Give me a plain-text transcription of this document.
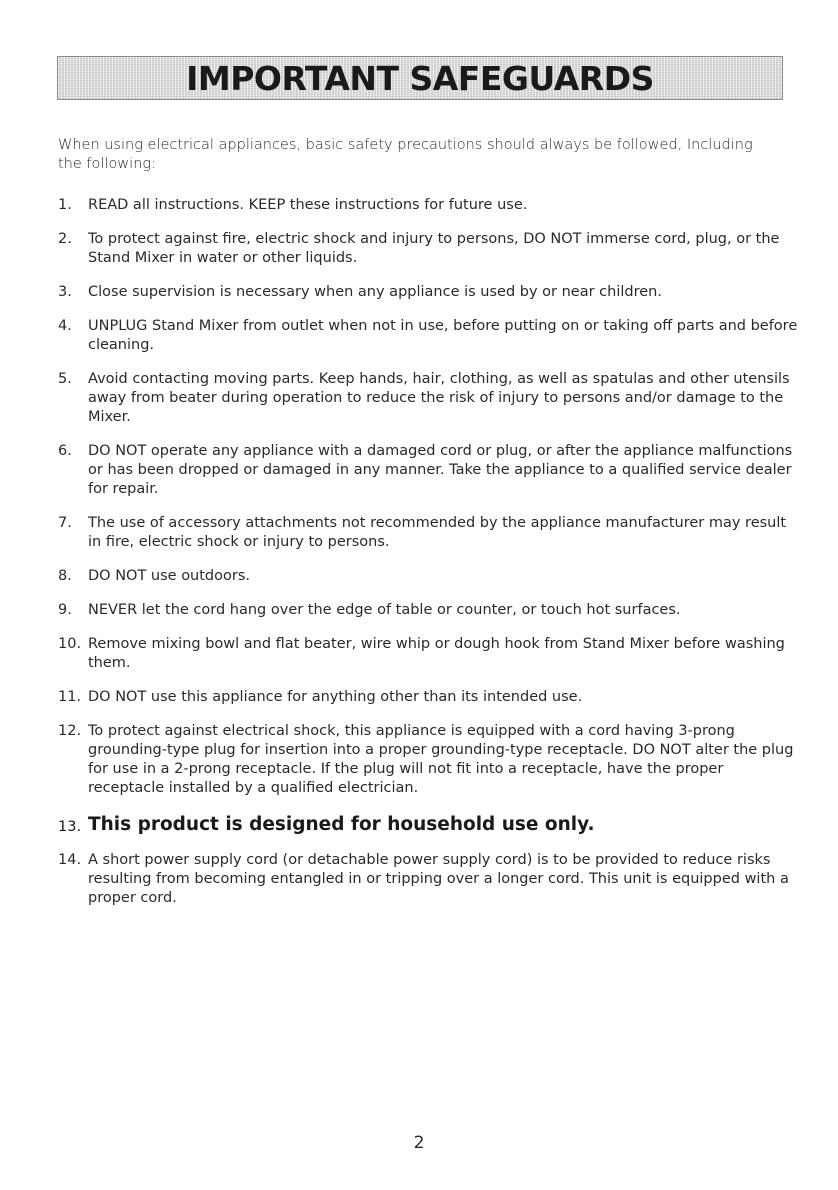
IMPORTANT SAFEGUARDS
When using electrical appliances, basic safety precautions should always be followed, Including the following:
1.	READ all instructions. KEEP these instructions for future use.
2.	To protect against fire, electric shock and injury to persons, DO NOT immerse cord, plug, or the Stand Mixer in water or other liquids.
3.	Close supervision is necessary when any appliance is used by or near children.
4.	UNPLUG Stand Mixer from outlet when not in use, before putting on or taking off parts and before cleaning.
5.	Avoid contacting moving parts. Keep hands, hair, clothing, as well as spatulas and other utensils away from beater during operation to reduce the risk of injury to persons and/or damage to the Mixer.
6.	DO NOT operate any appliance with a damaged cord or plug, or after the appliance malfunctions or has been dropped or damaged in any manner. Take the appliance to a qualified service dealer for repair.
7.	The use of accessory attachments not recommended by the appliance manufacturer may result in fire, electric shock or injury to persons.
8.	DO NOT use outdoors.
9.	NEVER let the cord hang over the edge of table or counter, or touch hot surfaces.
10. Remove mixing bowl and flat beater, wire whip or dough hook from Stand Mixer before washing them.
11. DO NOT use this appliance for anything other than its intended use.
12. To protect against electrical shock, this appliance is equipped with a cord having 3-prong grounding-type plug for insertion into a proper grounding-type receptacle. DO NOT alter the plug for use in a 2-prong receptacle. If the plug will not fit into a receptacle, have the proper receptacle installed by a qualified electrician.
13. This product is designed for household use only.
14. A short power supply cord (or detachable power supply cord) is to be provided to reduce risks resulting from becoming entangled in or tripping over a longer cord. This unit is equipped with a proper cord.
2
